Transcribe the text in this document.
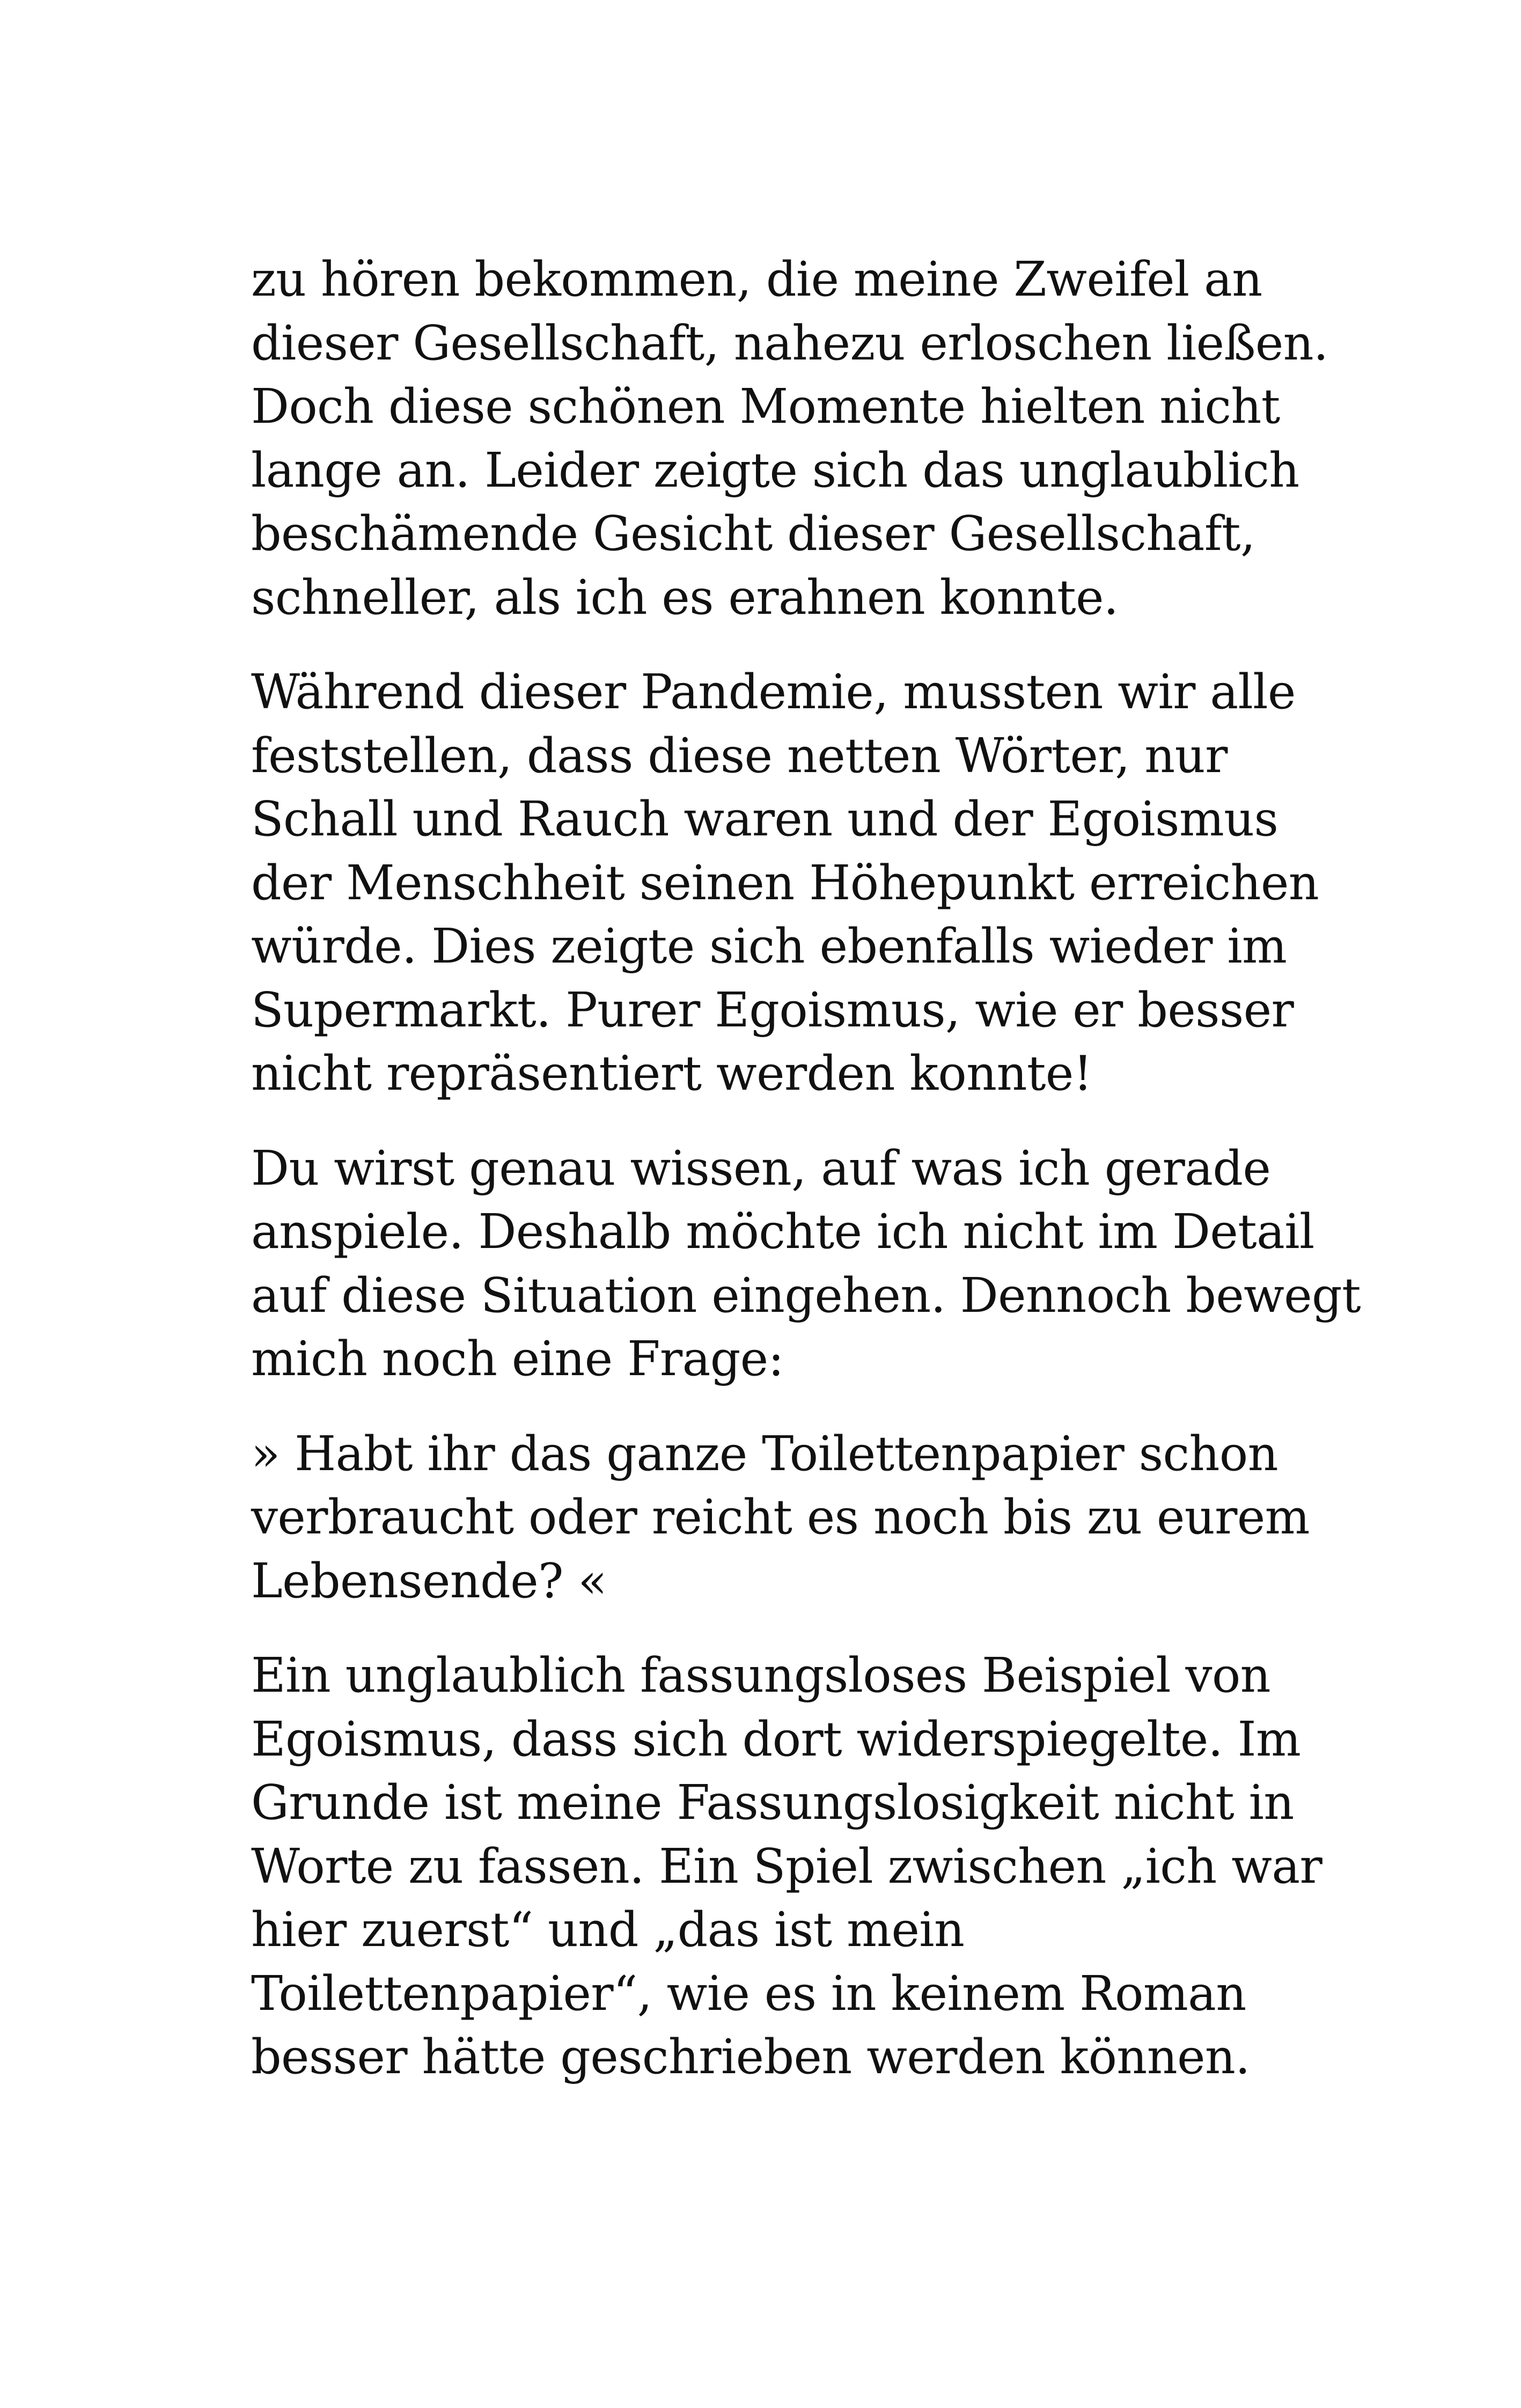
zu hören bekommen, die meine Zweifel an
dieser Gesellschaft, nahezu erloschen ließen.
Doch diese schönen Momente hielten nicht
lange an. Leider zeigte sich das unglaublich
beschämende Gesicht dieser Gesellschaft,
schneller, als ich es erahnen konnte.

Während dieser Pandemie, mussten wir alle
feststellen, dass diese netten Wörter, nur
Schall und Rauch waren und der Egoismus
der Menschheit seinen Höhepunkt erreichen
würde. Dies zeigte sich ebenfalls wieder im
Supermarkt. Purer Egoismus, wie er besser
nicht repräsentiert werden konnte!

Du wirst genau wissen, auf was ich gerade
anspiele. Deshalb möchte ich nicht im Detail
auf diese Situation eingehen. Dennoch bewegt
mich noch eine Frage:

» Habt ihr das ganze Toilettenpapier schon
verbraucht oder reicht es noch bis zu eurem
Lebensende? «

Ein unglaublich fassungsloses Beispiel von
Egoismus, dass sich dort widerspiegelte. Im
Grunde ist meine Fassungslosigkeit nicht in
Worte zu fassen. Ein Spiel zwischen „ich war
hier zuerst“ und „das ist mein
Toilettenpapier“, wie es in keinem Roman
besser hätte geschrieben werden können.
